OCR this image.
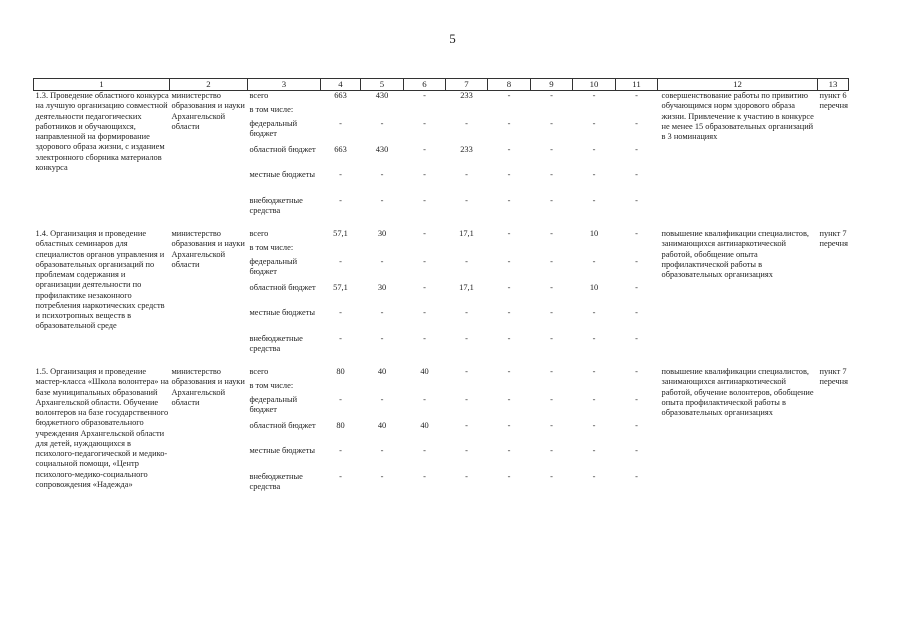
5
1	2	3	4	5	6	7	8	9	10	11	12	13
1.3. Проведение областного конкурса на лучшую организацию совместной деятельности педагогических работников и обучающихся, направленной на формирование здорового образа жизни, с изданием электронного сборника материалов конкурса	министерство образования и науки Архангельской области	всего	663	430	-	233	-	-	-	-	совершенствование работы по привитию обучающимся норм здорового образа жизни. Привлечение к участию в конкурсе не менее 15 образовательных организаций в 3 номинациях	пункт 6 перечня
		в том числе:										
		федеральный бюджет	-	-	-	-	-	-	-	-		
		областной бюджет	663	430	-	233	-	-	-	-		
		местные бюджеты	-	-	-	-	-	-	-	-		
		внебюджетные средства	-	-	-	-	-	-	-	-		

1.4. Организация и проведение областных семинаров для специалистов органов управления и образовательных организаций по проблемам содержания и организации деятельности по профилактике незаконного потребления наркотических средств и психотропных веществ в образовательной среде	министерство образования и науки Архангельской области	всего	57,1	30	-	17,1	-	-	10	-	повышение квалификации специалистов, занимающихся антинаркотической работой, обобщение опыта профилактической работы в образовательных организациях	пункт 7 перечня
		в том числе:										
		федеральный бюджет	-	-	-	-	-	-	-	-		
		областной бюджет	57,1	30	-	17,1	-	-	10	-		
		местные бюджеты	-	-	-	-	-	-	-	-		
		внебюджетные средства	-	-	-	-	-	-	-	-		

1.5. Организация и проведение мастер-класса «Школа волонтера» на базе муниципальных образований Архангельской области. Обучение волонтеров на базе государственного бюджетного образовательного учреждения Архангельской области для детей, нуждающихся в психолого-педагогической и медико-социальной помощи, «Центр психолого-медико-социального сопровождения «Надежда»	министерство образования и науки Архангельской области	всего	80	40	40	-	-	-	-	-	повышение квалификации специалистов, занимающихся антинаркотической работой, обучение волонтеров, обобщение опыта профилактической работы в образовательных организациях	пункт 7 перечня
		в том числе:										
		федеральный бюджет	-	-	-	-	-	-	-	-		
		областной бюджет	80	40	40	-	-	-	-	-		
		местные бюджеты	-	-	-	-	-	-	-	-		
		внебюджетные средства	-	-	-	-	-	-	-	-		
